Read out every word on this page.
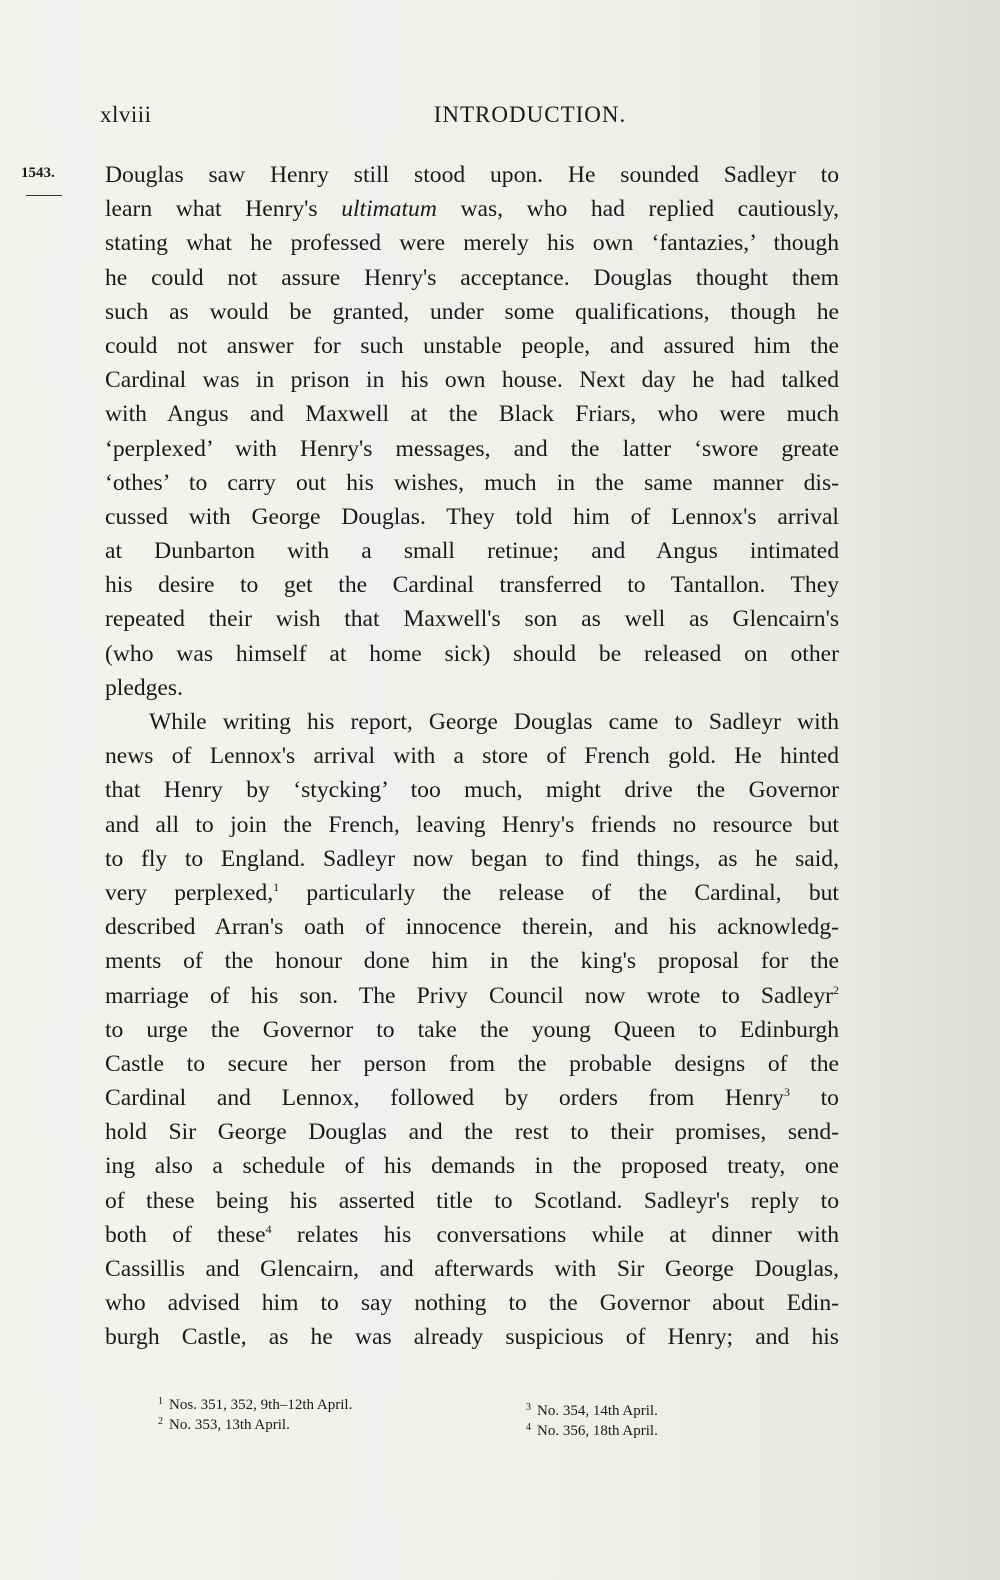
xlviii	INTRODUCTION.
1543. Douglas saw Henry still stood upon. He sounded Sadleyr to
learn what Henry's ultimatum was, who had replied cautiously,
stating what he professed were merely his own ‘fantazies,’ though
he could not assure Henry's acceptance. Douglas thought them
such as would be granted, under some qualifications, though he
could not answer for such unstable people, and assured him the
Cardinal was in prison in his own house. Next day he had talked
with Angus and Maxwell at the Black Friars, who were much
‘perplexed’ with Henry's messages, and the latter ‘swore greate
‘othes’ to carry out his wishes, much in the same manner dis-
cussed with George Douglas. They told him of Lennox's arrival
at Dunbarton with a small retinue; and Angus intimated
his desire to get the Cardinal transferred to Tantallon. They
repeated their wish that Maxwell's son as well as Glencairn's
(who was himself at home sick) should be released on other
pledges.
While writing his report, George Douglas came to Sadleyr with
news of Lennox's arrival with a store of French gold. He hinted
that Henry by ‘stycking’ too much, might drive the Governor
and all to join the French, leaving Henry's friends no resource but
to fly to England. Sadleyr now began to find things, as he said,
very perplexed,$^1$ particularly the release of the Cardinal, but
described Arran's oath of innocence therein, and his acknowledg-
ments of the honour done him in the king's proposal for the
marriage of his son. The Privy Council now wrote to Sadleyr$^2$
to urge the Governor to take the young Queen to Edinburgh
Castle to secure her person from the probable designs of the
Cardinal and Lennox, followed by orders from Henry$^3$ to
hold Sir George Douglas and the rest to their promises, send-
ing also a schedule of his demands in the proposed treaty, one
of these being his asserted title to Scotland. Sadleyr's reply to
both of these$^4$ relates his conversations while at dinner with
Cassillis and Glencairn, and afterwards with Sir George Douglas,
who advised him to say nothing to the Governor about Edin-
burgh Castle, as he was already suspicious of Henry; and his
$^1$ Nos. 351, 352, 9th–12th April.
$^2$ No. 353, 13th April.
$^3$ No. 354, 14th April.
$^4$ No. 356, 18th April.
